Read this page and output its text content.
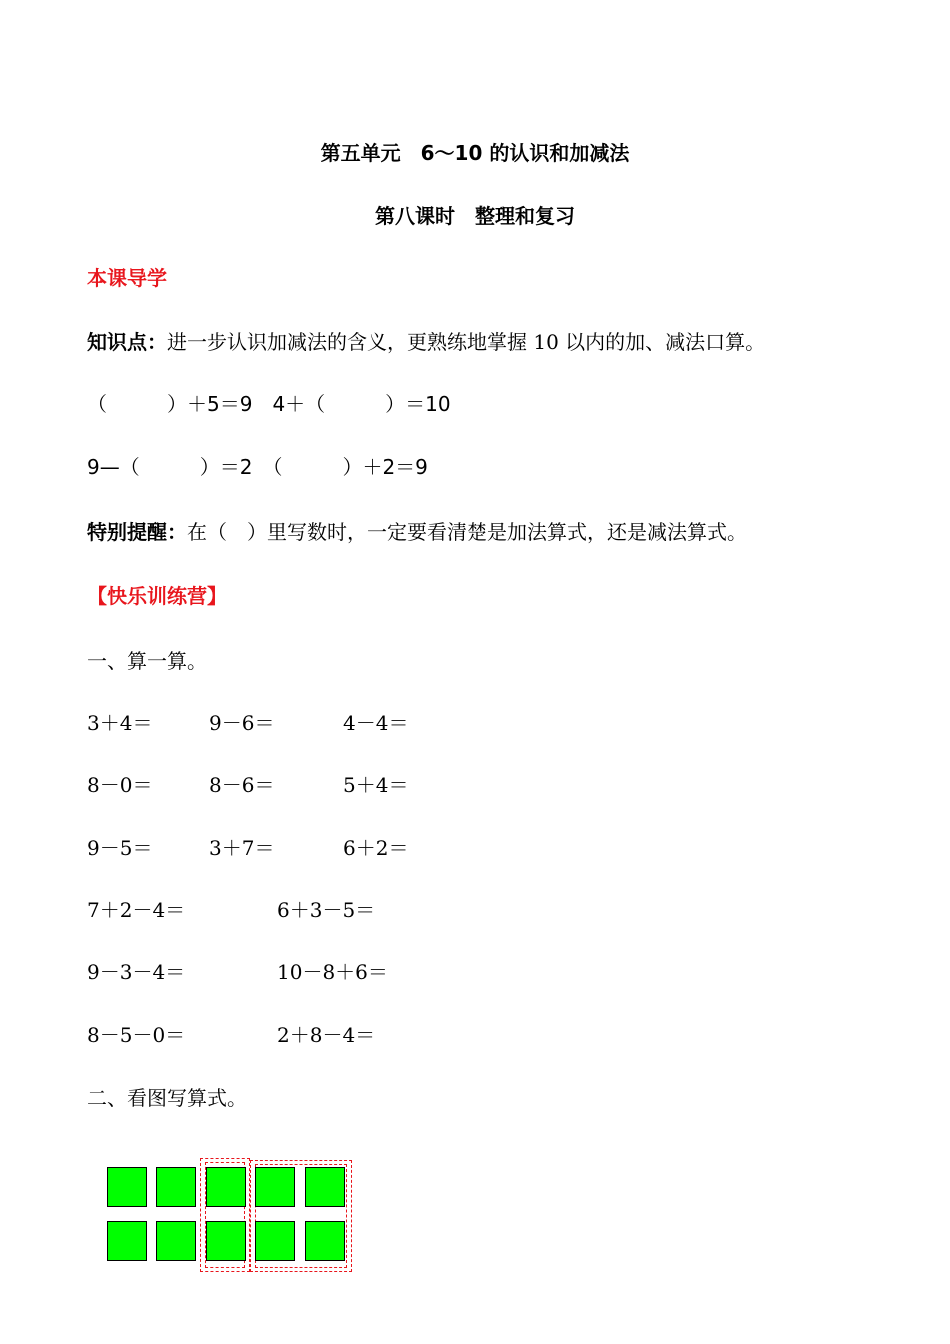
第五单元　6～10 的认识和加减法
第八课时　整理和复习
本课导学
知识点：进一步认识加减法的含义，更熟练地掌握 10 以内的加、减法口算。
（　　　）＋5＝9　4＋（　　　）＝10
9—（　　　）＝2　（　　　）＋2＝9
特别提醒：在（　）里写数时，一定要看清楚是加法算式，还是减法算式。
【快乐训练营】
一、算一算。
3＋4＝	9－6＝	4－4＝
8－0＝	8－6＝	5＋4＝
9－5＝	3＋7＝	6＋2＝
7＋2－4＝	6＋3－5＝
9－3－4＝	10－8＋6＝
8－5－0＝	2＋8－4＝
二、看图写算式。
